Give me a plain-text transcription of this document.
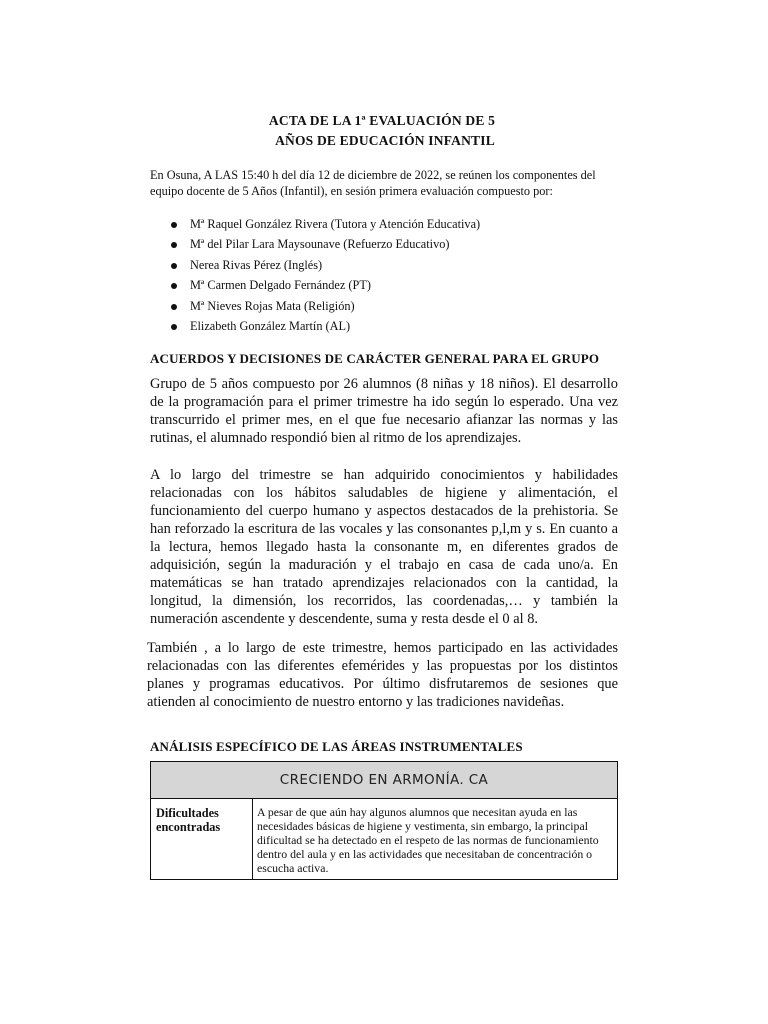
ACTA DE LA 1ª EVALUACIÓN DE 5
AÑOS DE EDUCACIÓN INFANTIL
En Osuna, A LAS 15:40 h del día 12 de diciembre de 2022, se reúnen los componentes del equipo docente de 5 Años (Infantil), en sesión primera evaluación compuesto por:
Mª Raquel González Rivera (Tutora y Atención Educativa)
Mª del Pilar Lara Maysounave (Refuerzo Educativo)
Nerea Rivas Pérez (Inglés)
Mª Carmen Delgado Fernández (PT)
Mª Nieves Rojas Mata (Religión)
Elizabeth González Martín (AL)
ACUERDOS Y DECISIONES DE CARÁCTER GENERAL PARA EL GRUPO
Grupo de 5 años compuesto por 26 alumnos (8 niñas y 18 niños). El desarrollo de la programación para el primer trimestre ha ido según lo esperado. Una vez transcurrido el primer mes, en el que fue necesario afianzar las normas y las rutinas, el alumnado respondió bien al ritmo de los aprendizajes.
A lo largo del trimestre se han adquirido conocimientos y habilidades relacionadas con los hábitos saludables de higiene y alimentación, el funcionamiento del cuerpo humano y aspectos destacados de la prehistoria. Se han reforzado la escritura de las vocales y las consonantes p,l,m y s. En cuanto a la lectura, hemos llegado hasta la consonante m, en diferentes grados de adquisición, según la maduración y el trabajo en casa de cada uno/a. En matemáticas se han tratado aprendizajes relacionados con la cantidad, la longitud, la dimensión, los recorridos, las coordenadas,… y también la numeración ascendente y descendente, suma y resta desde el 0 al 8.
También , a lo largo de este trimestre, hemos participado en las actividades relacionadas con las diferentes efemérides y las propuestas por los distintos planes y programas educativos. Por último disfrutaremos de sesiones que atienden al conocimiento de nuestro entorno y las tradiciones navideñas.
ANÁLISIS ESPECÍFICO DE LAS ÁREAS INSTRUMENTALES
CRECIENDO EN ARMONÍA. CA
Dificultades encontradas	A pesar de que aún hay algunos alumnos que necesitan ayuda en las necesidades básicas de higiene y vestimenta, sin embargo, la principal dificultad se ha detectado en el respeto de las normas de funcionamiento dentro del aula y en las actividades que necesitaban de concentración o escucha activa.
